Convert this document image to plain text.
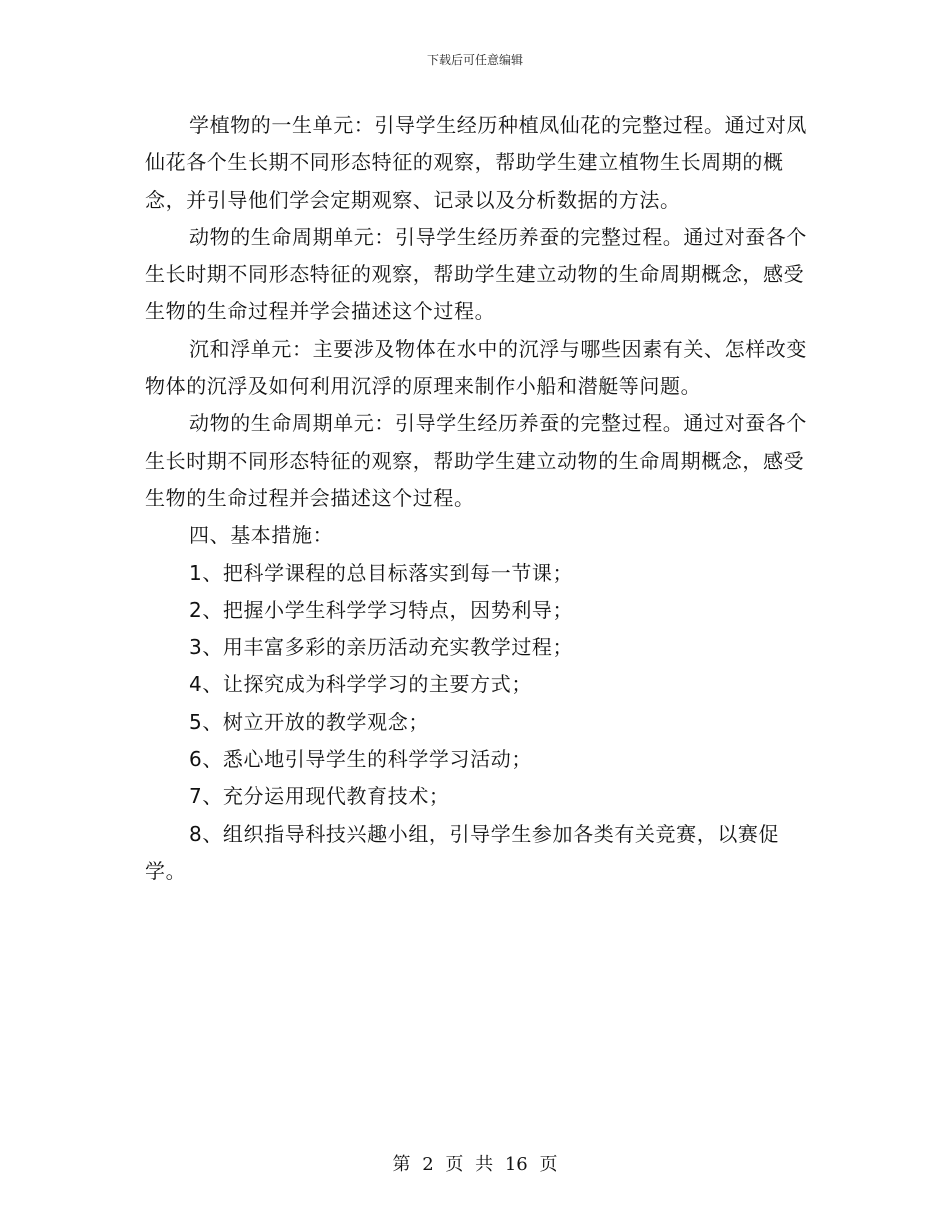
下载后可任意编辑

学植物的一生单元：引导学生经历种植凤仙花的完整过程。通过对凤仙花各个生长期不同形态特征的观察，帮助学生建立植物生长周期的概念，并引导他们学会定期观察、记录以及分析数据的方法。

动物的生命周期单元：引导学生经历养蚕的完整过程。通过对蚕各个生长时期不同形态特征的观察，帮助学生建立动物的生命周期概念，感受生物的生命过程并学会描述这个过程。

沉和浮单元：主要涉及物体在水中的沉浮与哪些因素有关、怎样改变物体的沉浮及如何利用沉浮的原理来制作小船和潜艇等问题。

动物的生命周期单元：引导学生经历养蚕的完整过程。通过对蚕各个生长时期不同形态特征的观察，帮助学生建立动物的生命周期概念，感受生物的生命过程并会描述这个过程。

四、基本措施：

1、把科学课程的总目标落实到每一节课；

2、把握小学生科学学习特点，因势利导；

3、用丰富多彩的亲历活动充实教学过程；

4、让探究成为科学学习的主要方式；

5、树立开放的教学观念；

6、悉心地引导学生的科学学习活动；

7、充分运用现代教育技术；

8、组织指导科技兴趣小组，引导学生参加各类有关竞赛，以赛促学。

第 2 页 共 16 页
